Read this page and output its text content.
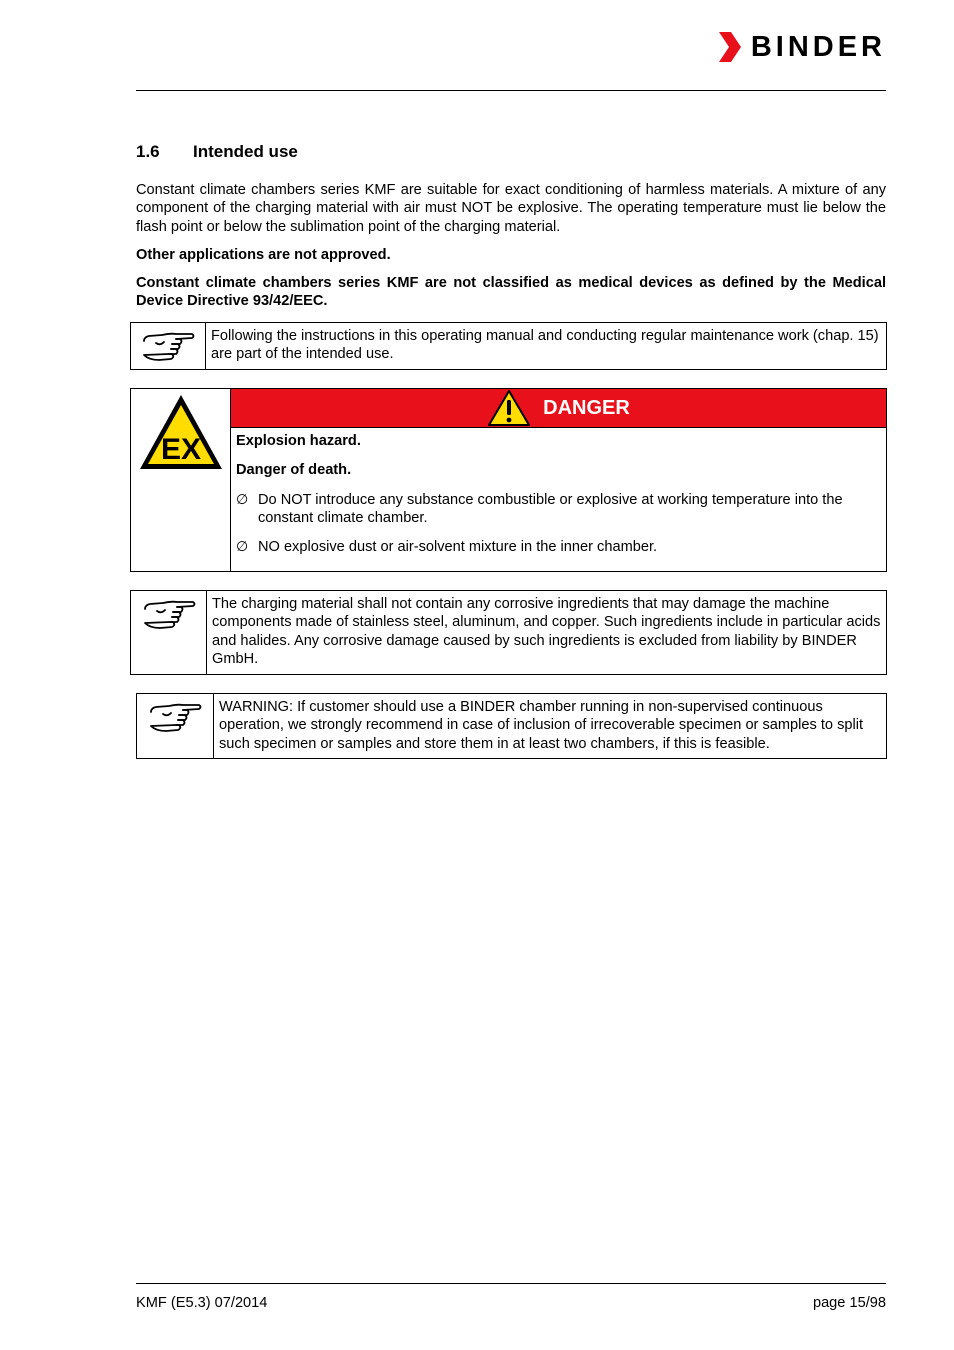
BINDER
1.6 Intended use
Constant climate chambers series KMF are suitable for exact conditioning of harmless materials. A mixture of any component of the charging material with air must NOT be explosive. The operating temperature must lie below the flash point or below the sublimation point of the charging material.
Other applications are not approved.
Constant climate chambers series KMF are not classified as medical devices as defined by the Medical Device Directive 93/42/EEC.
Following the instructions in this operating manual and conducting regular maintenance work (chap. 15) are part of the intended use.
EX
DANGER
Explosion hazard.
Danger of death.
∅ Do NOT introduce any substance combustible or explosive at working temperature into the constant climate chamber.
∅ NO explosive dust or air-solvent mixture in the inner chamber.
The charging material shall not contain any corrosive ingredients that may damage the machine components made of stainless steel, aluminum, and copper. Such ingredients include in particular acids and halides. Any corrosive damage caused by such ingredients is excluded from liability by BINDER GmbH.
WARNING: If customer should use a BINDER chamber running in non-supervised continuous operation, we strongly recommend in case of inclusion of irrecoverable specimen or samples to split such specimen or samples and store them in at least two chambers, if this is feasible.
KMF (E5.3) 07/2014	page 15/98
